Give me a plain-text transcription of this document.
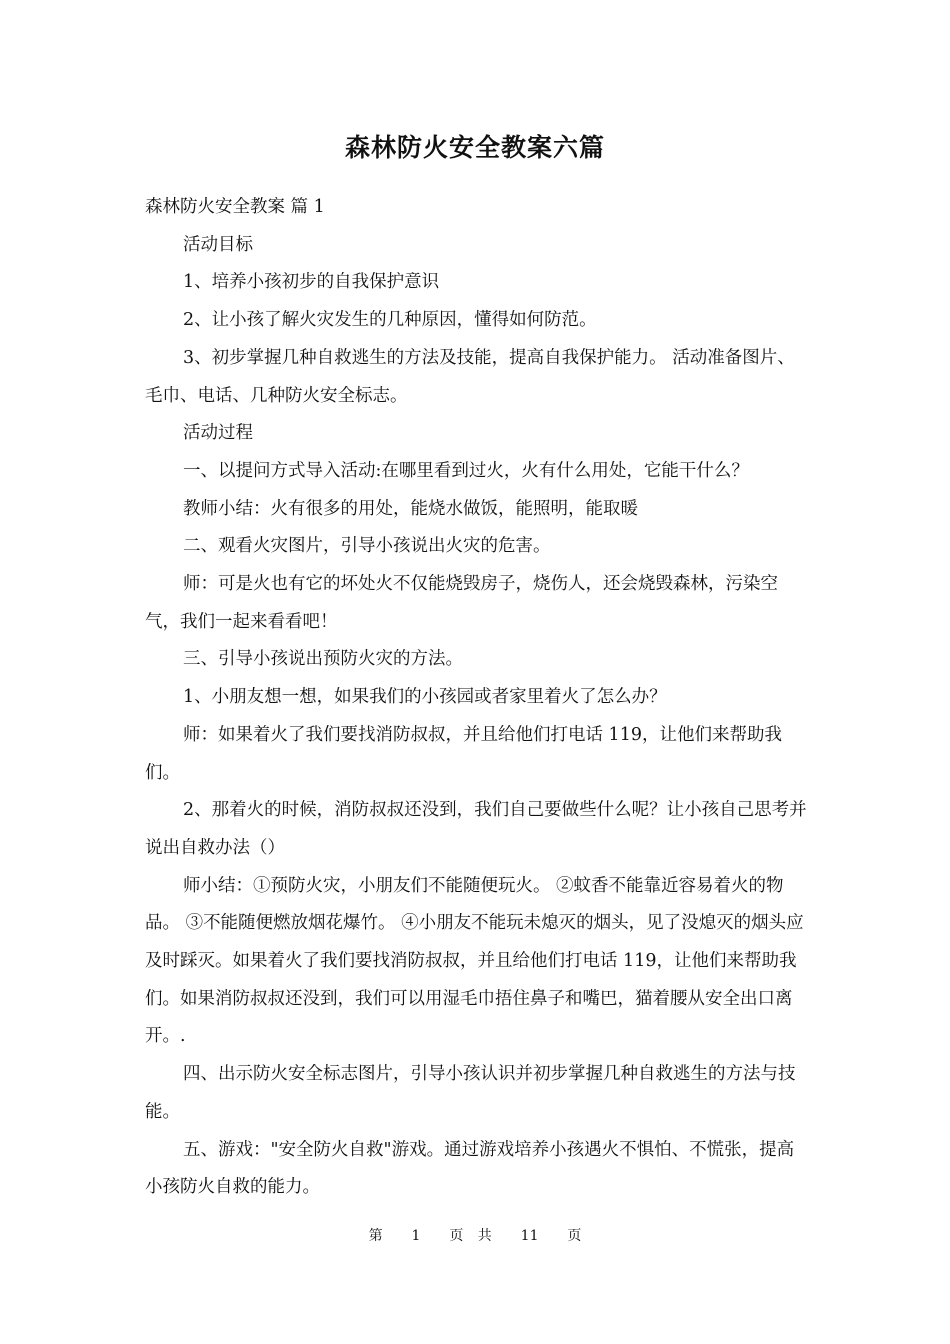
森林防火安全教案六篇

森林防火安全教案 篇 1

活动目标

1、培养小孩初步的自我保护意识

2、让小孩了解火灾发生的几种原因，懂得如何防范。

3、初步掌握几种自救逃生的方法及技能，提高自我保护能力。 活动准备图片、毛巾、电话、几种防火安全标志。

活动过程

一、以提问方式导入活动:在哪里看到过火，火有什么用处，它能干什么？

教师小结：火有很多的用处，能烧水做饭，能照明，能取暖

二、观看火灾图片，引导小孩说出火灾的危害。

师：可是火也有它的坏处火不仅能烧毁房子，烧伤人，还会烧毁森林，污染空气，我们一起来看看吧！

三、引导小孩说出预防火灾的方法。

1、小朋友想一想，如果我们的小孩园或者家里着火了怎么办？

师：如果着火了我们要找消防叔叔，并且给他们打电话 119，让他们来帮助我们。

2、那着火的时候，消防叔叔还没到，我们自己要做些什么呢？让小孩自己思考并说出自救办法（）

师小结：①预防火灾，小朋友们不能随便玩火。 ②蚊香不能靠近容易着火的物品。 ③不能随便燃放烟花爆竹。 ④小朋友不能玩未熄灭的烟头，见了没熄灭的烟头应及时踩灭。如果着火了我们要找消防叔叔，并且给他们打电话 119，让他们来帮助我们。如果消防叔叔还没到，我们可以用湿毛巾捂住鼻子和嘴巴，猫着腰从安全出口离开。.

四、出示防火安全标志图片，引导小孩认识并初步掌握几种自救逃生的方法与技能。

五、游戏："安全防火自救"游戏。通过游戏培养小孩遇火不惧怕、不慌张，提高小孩防火自救的能力。

第  1  页 共  11  页
